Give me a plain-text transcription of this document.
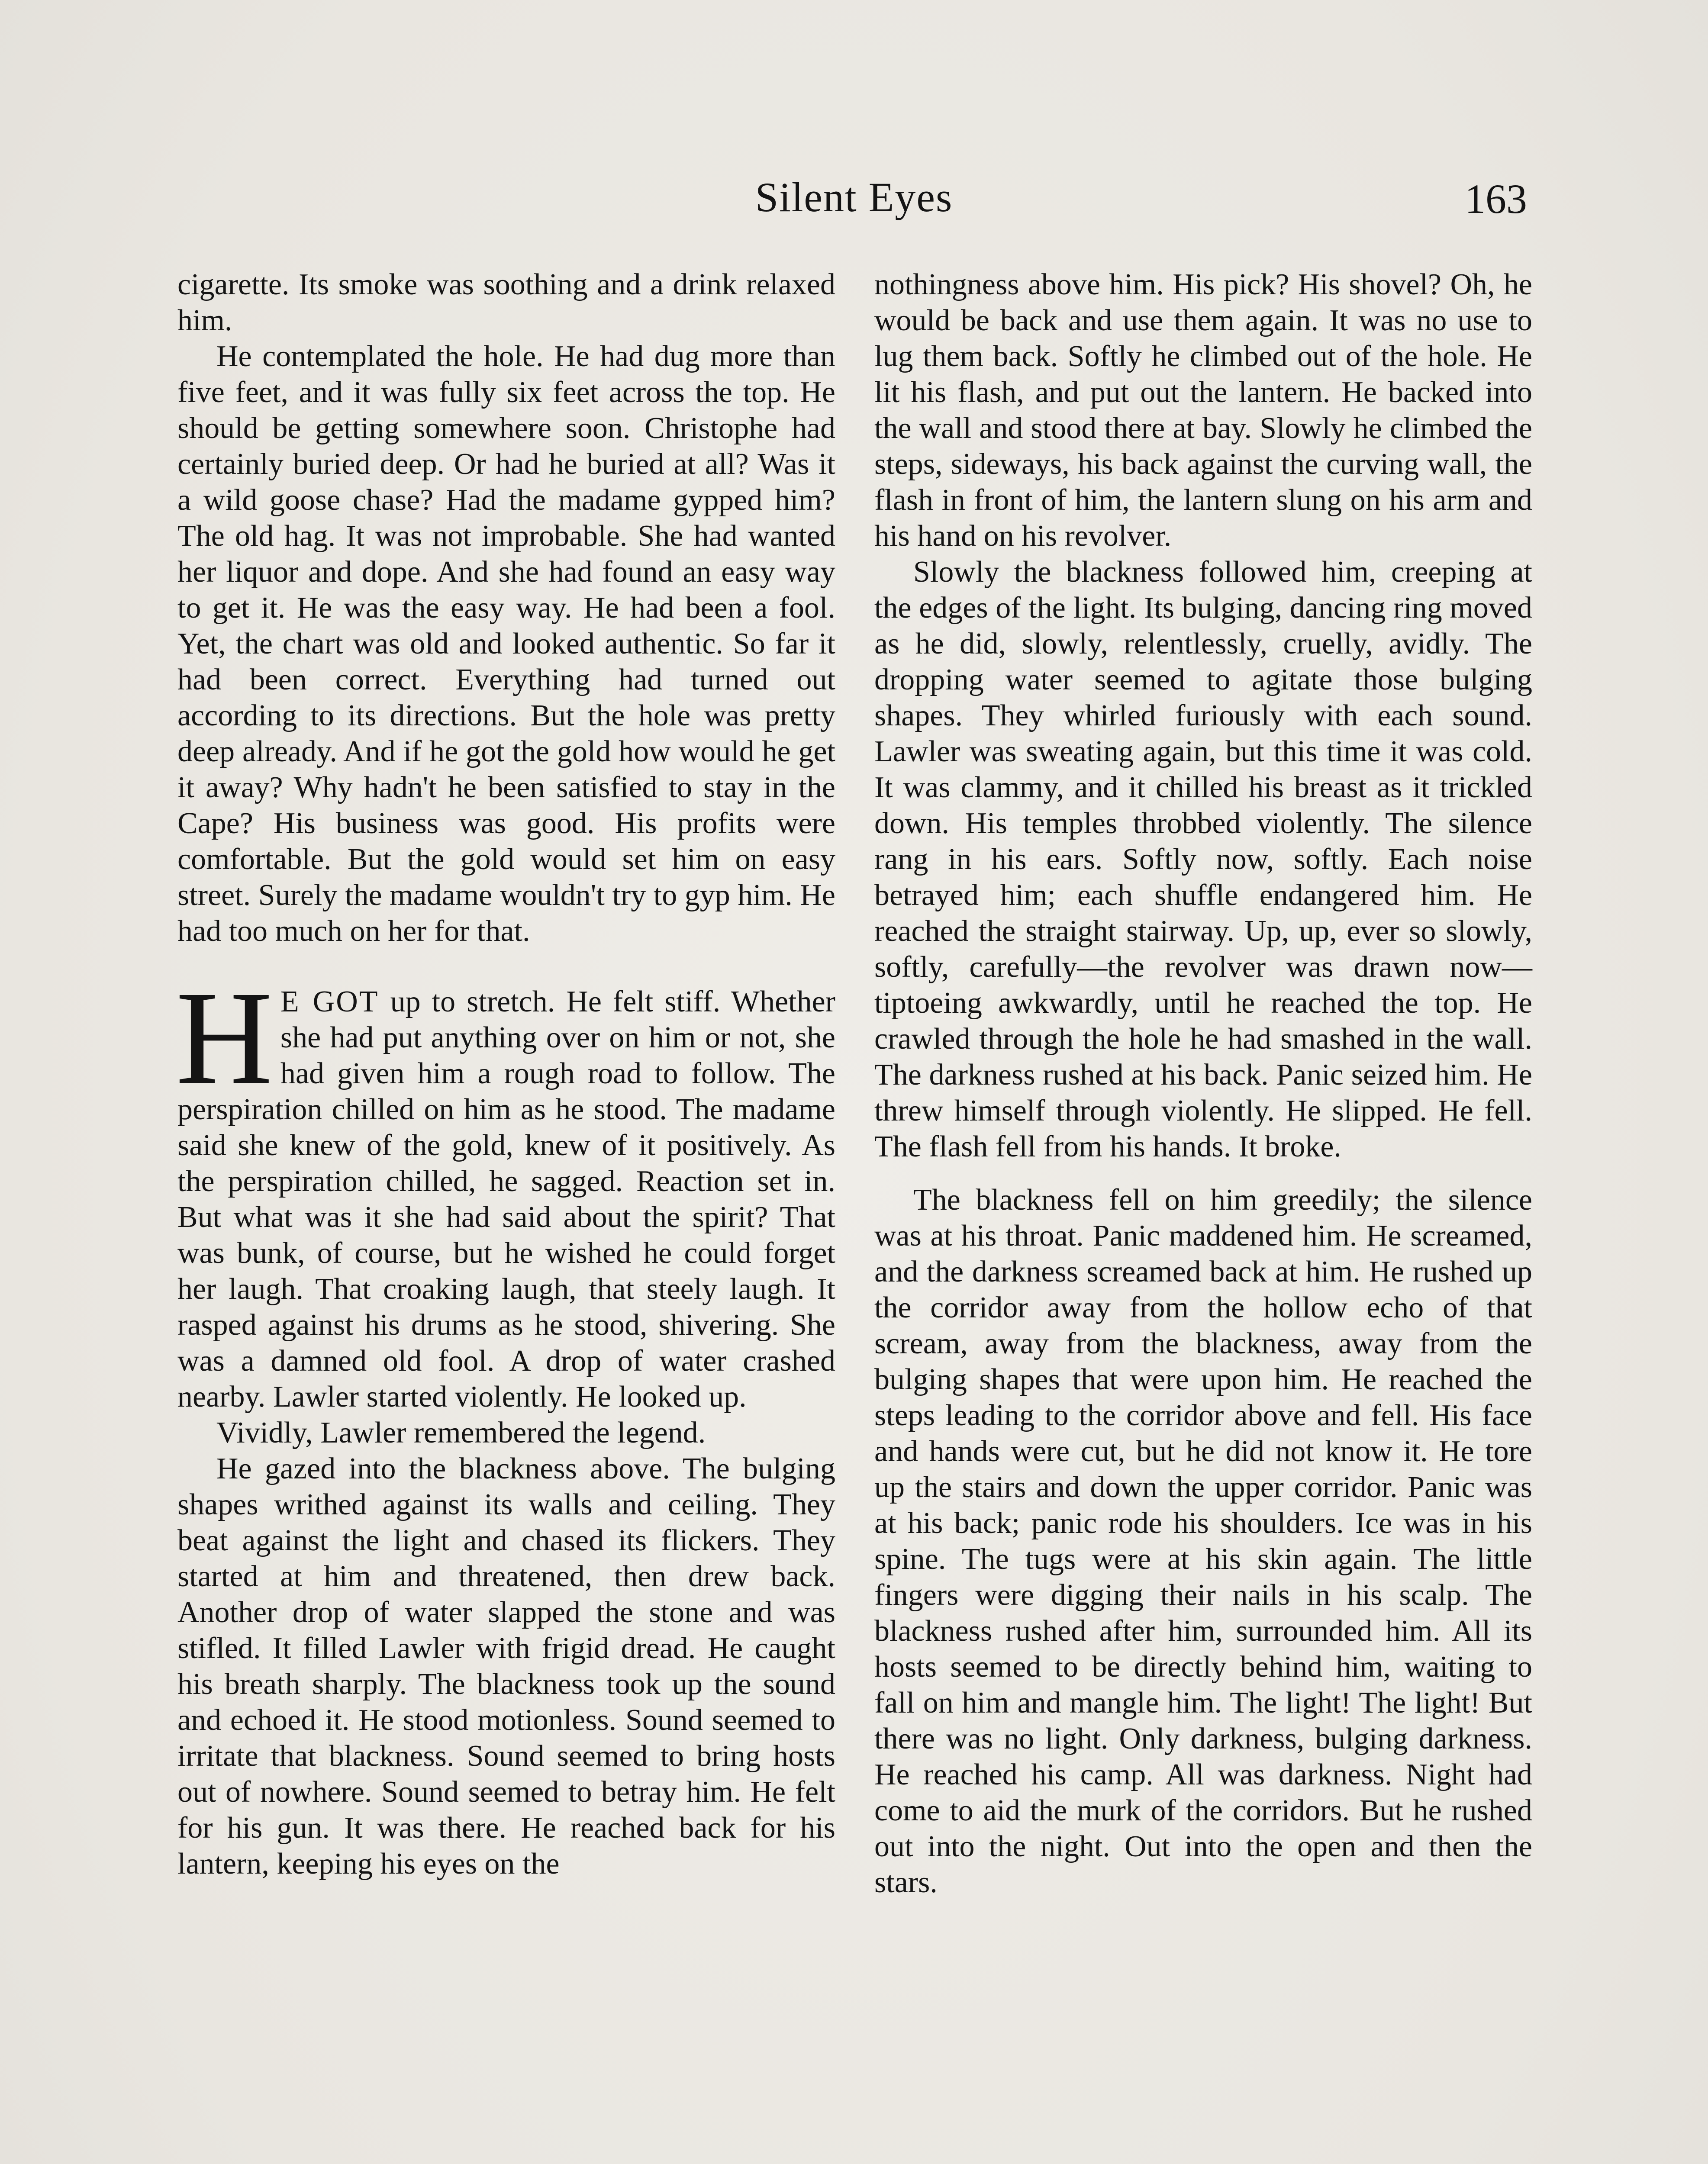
Silent Eyes	163

cigarette. Its smoke was soothing and a drink relaxed him.

He contemplated the hole. He had dug more than five feet, and it was fully six feet across the top. He should be getting somewhere soon. Christophe had certainly buried deep. Or had he buried at all? Was it a wild goose chase? Had the madame gypped him? The old hag. It was not improbable. She had wanted her liquor and dope. And she had found an easy way to get it. He was the easy way. He had been a fool. Yet, the chart was old and looked authentic. So far it had been correct. Everything had turned out according to its directions. But the hole was pretty deep already. And if he got the gold how would he get it away? Why hadn't he been satisfied to stay in the Cape? His business was good. His profits were comfortable. But the gold would set him on easy street. Surely the madame wouldn't try to gyp him. He had too much on her for that.

H E GOT up to stretch. He felt stiff. Whether she had put anything over on him or not, she had given him a rough road to follow. The perspiration chilled on him as he stood. The madame said she knew of the gold, knew of it positively. As the perspiration chilled, he sagged. Reaction set in. But what was it she had said about the spirit? That was bunk, of course, but he wished he could forget her laugh. That croaking laugh, that steely laugh. It rasped against his drums as he stood, shivering. She was a damned old fool. A drop of water crashed nearby. Lawler started violently. He looked up.

Vividly, Lawler remembered the legend.

He gazed into the blackness above. The bulging shapes writhed against its walls and ceiling. They beat against the light and chased its flickers. They started at him and threatened, then drew back. Another drop of water slapped the stone and was stifled. It filled Lawler with frigid dread. He caught his breath sharply. The blackness took up the sound and echoed it. He stood motionless. Sound seemed to irritate that blackness. Sound seemed to bring hosts out of nowhere. Sound seemed to betray him. He felt for his gun. It was there. He reached back for his lantern, keeping his eyes on the

nothingness above him. His pick? His shovel? Oh, he would be back and use them again. It was no use to lug them back. Softly he climbed out of the hole. He lit his flash, and put out the lantern. He backed into the wall and stood there at bay. Slowly he climbed the steps, sideways, his back against the curving wall, the flash in front of him, the lantern slung on his arm and his hand on his revolver.

Slowly the blackness followed him, creeping at the edges of the light. Its bulging, dancing ring moved as he did, slowly, relentlessly, cruelly, avidly. The dropping water seemed to agitate those bulging shapes. They whirled furiously with each sound. Lawler was sweating again, but this time it was cold. It was clammy, and it chilled his breast as it trickled down. His temples throbbed violently. The silence rang in his ears. Softly now, softly. Each noise betrayed him; each shuffle endangered him. He reached the straight stairway. Up, up, ever so slowly, softly, carefully—the revolver was drawn now—tiptoeing awkwardly, until he reached the top. He crawled through the hole he had smashed in the wall. The darkness rushed at his back. Panic seized him. He threw himself through violently. He slipped. He fell. The flash fell from his hands. It broke.

The blackness fell on him greedily; the silence was at his throat. Panic maddened him. He screamed, and the darkness screamed back at him. He rushed up the corridor away from the hollow echo of that scream, away from the blackness, away from the bulging shapes that were upon him. He reached the steps leading to the corridor above and fell. His face and hands were cut, but he did not know it. He tore up the stairs and down the upper corridor. Panic was at his back; panic rode his shoulders. Ice was in his spine. The tugs were at his skin again. The little fingers were digging their nails in his scalp. The blackness rushed after him, surrounded him. All its hosts seemed to be directly behind him, waiting to fall on him and mangle him. The light! The light! But there was no light. Only darkness, bulging darkness. He reached his camp. All was darkness. Night had come to aid the murk of the corridors. But he rushed out into the night. Out into the open and then the stars.
